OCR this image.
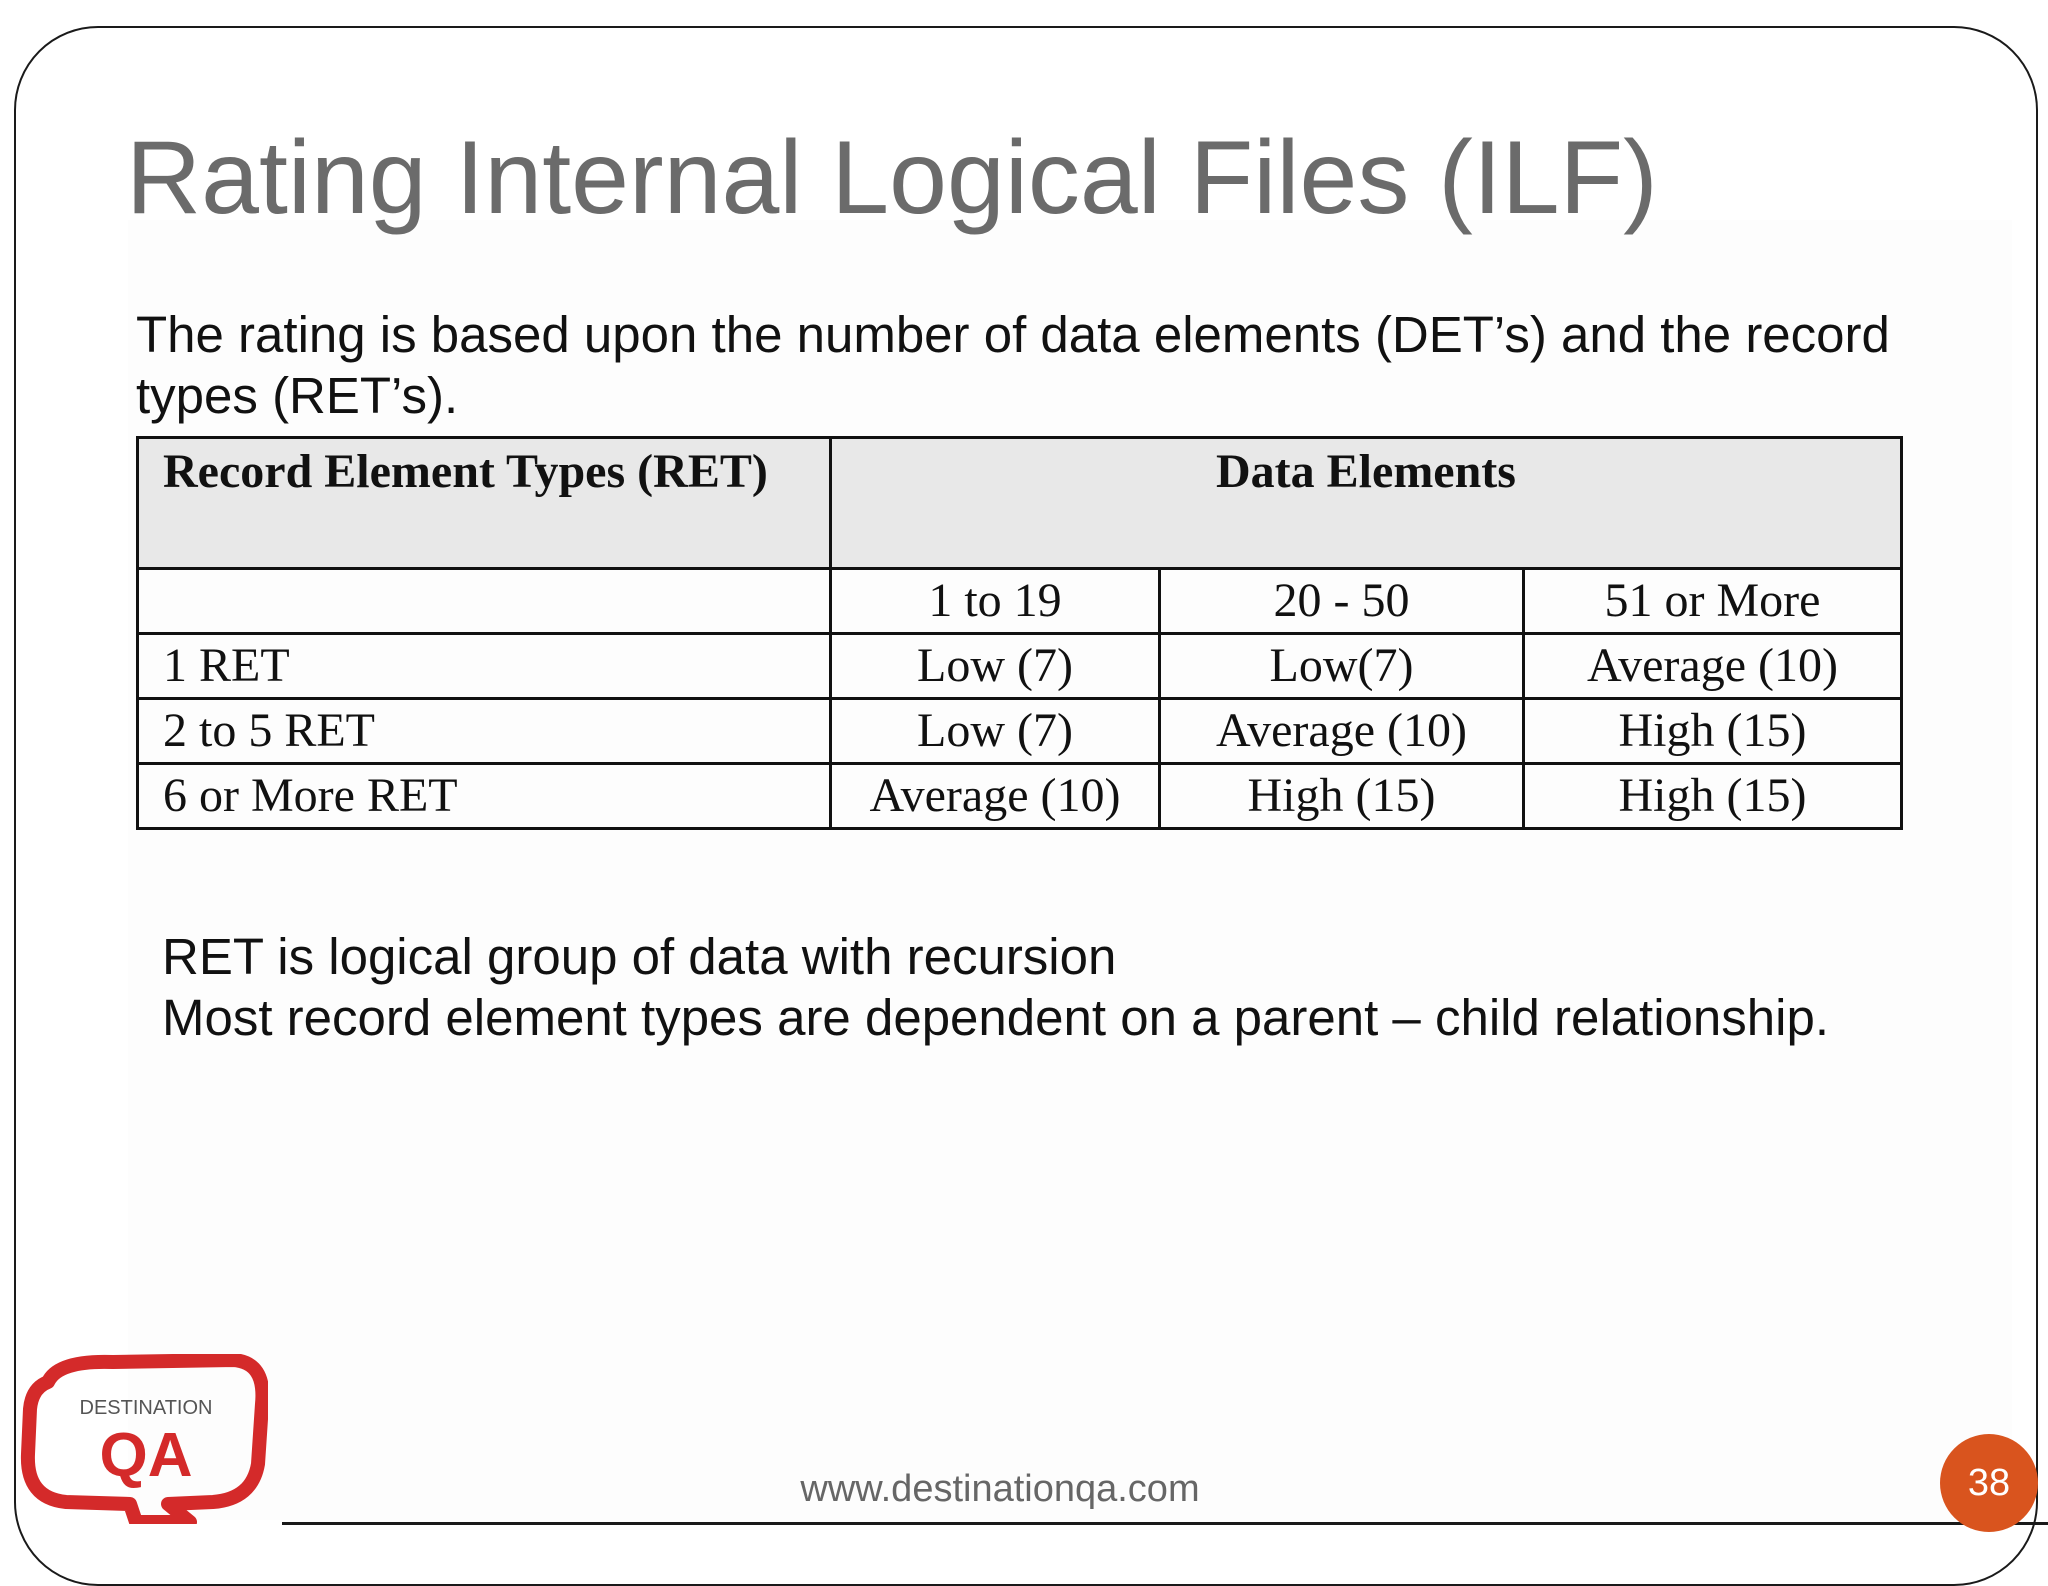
Rating Internal Logical Files (ILF)
The rating is based upon the number of data elements (DET’s) and the record types (RET’s).
Record Element Types (RET)	Data Elements		
	1 to 19	20 - 50	51 or More
1 RET	Low (7)	Low(7)	Average (10)
2 to 5 RET	Low (7)	Average (10)	High (15)
6 or More RET	Average (10)	High (15)	High (15)
RET is logical group of data with recursion
Most record element types are dependent on a parent – child relationship.
DESTINATION
QA	www.destinationqa.com	38
